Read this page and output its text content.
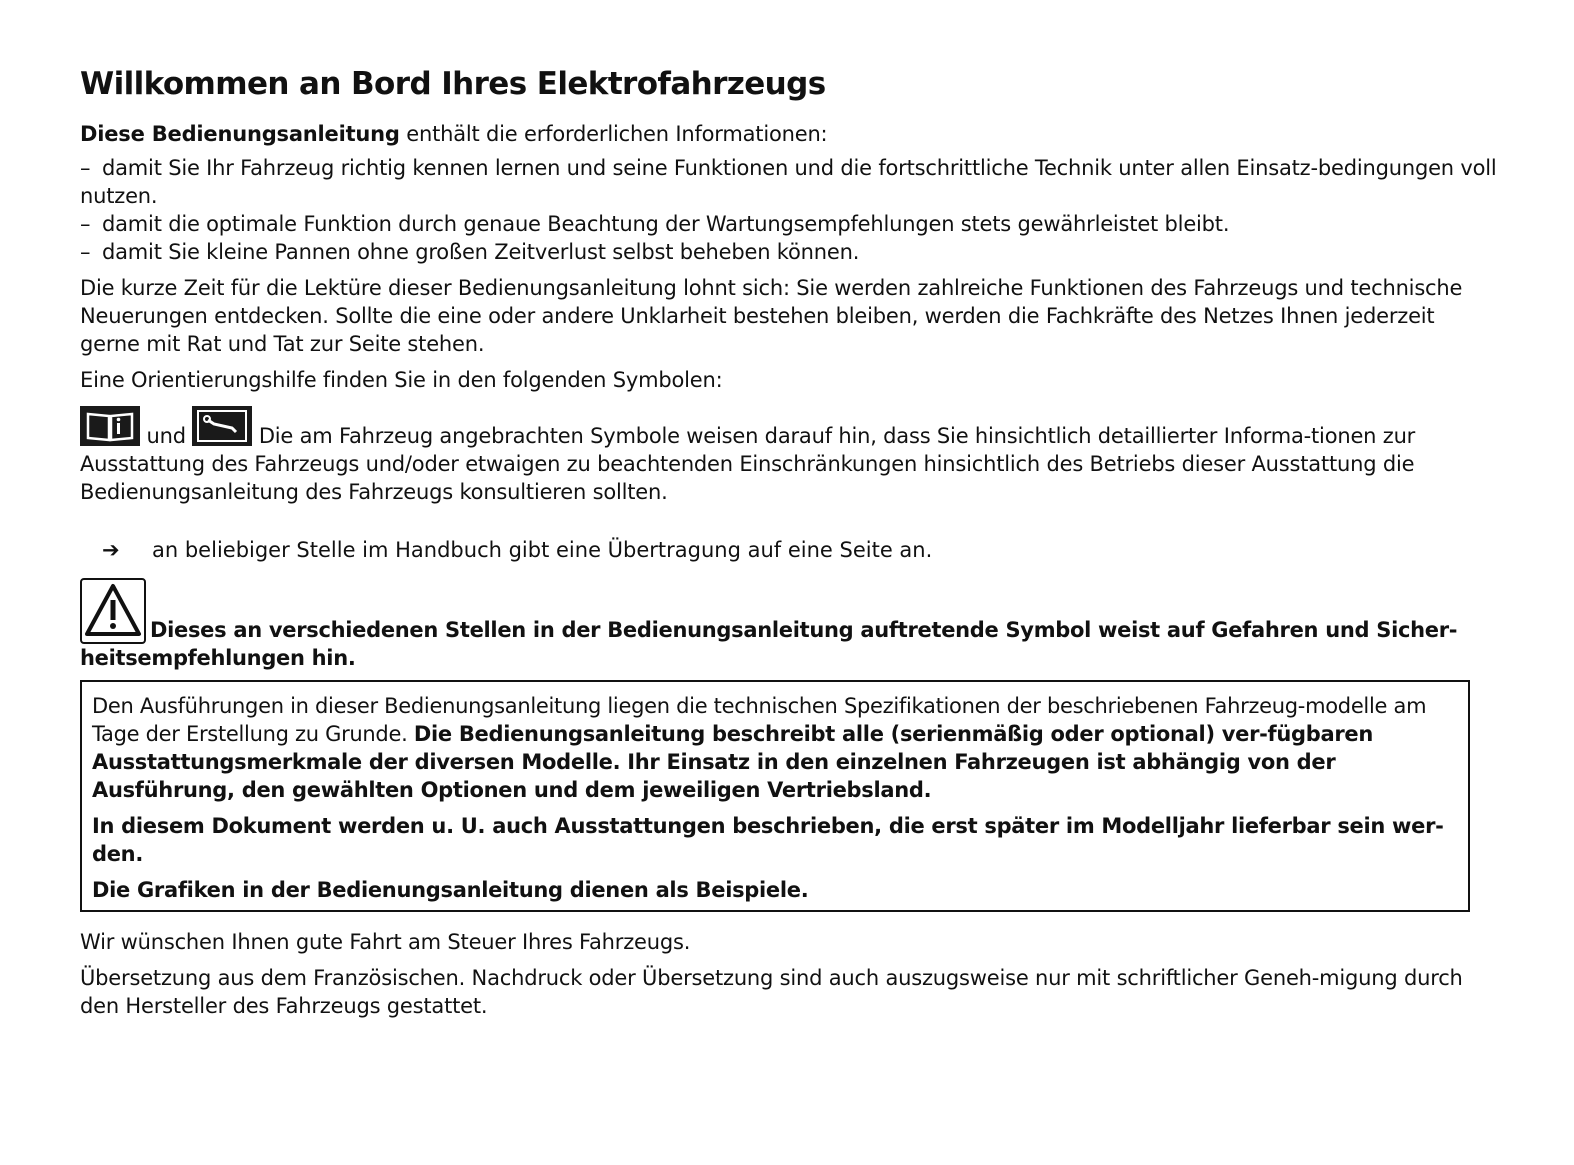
Willkommen an Bord Ihres Elektrofahrzeugs

Diese Bedienungsanleitung enthält die erforderlichen Informationen:

– damit Sie Ihr Fahrzeug richtig kennen lernen und seine Funktionen und die fortschrittliche Technik unter allen Einsatz-bedingungen voll nutzen.
– damit die optimale Funktion durch genaue Beachtung der Wartungsempfehlungen stets gewährleistet bleibt.
– damit Sie kleine Pannen ohne großen Zeitverlust selbst beheben können.

Die kurze Zeit für die Lektüre dieser Bedienungsanleitung lohnt sich: Sie werden zahlreiche Funktionen des Fahrzeugs und technische Neuerungen entdecken. Sollte die eine oder andere Unklarheit bestehen bleiben, werden die Fachkräfte des Netzes Ihnen jederzeit gerne mit Rat und Tat zur Seite stehen.

Eine Orientierungshilfe finden Sie in den folgenden Symbolen:

und	Die am Fahrzeug angebrachten Symbole weisen darauf hin, dass Sie hinsichtlich detaillierter Informa-tionen zur Ausstattung des Fahrzeugs und/oder etwaigen zu beachtenden Einschränkungen hinsichtlich des Betriebs dieser Ausstattung die Bedienungsanleitung des Fahrzeugs konsultieren sollten.
➔ an beliebiger Stelle im Handbuch gibt eine Übertragung auf eine Seite an.
Dieses an verschiedenen Stellen in der Bedienungsanleitung auftretende Symbol weist auf Gefahren und Sicher-heitsempfehlungen hin.

Den Ausführungen in dieser Bedienungsanleitung liegen die technischen Spezifikationen der beschriebenen Fahrzeug-modelle am Tage der Erstellung zu Grunde. Die Bedienungsanleitung beschreibt alle (serienmäßig oder optional) ver-fügbaren Ausstattungsmerkmale der diversen Modelle. Ihr Einsatz in den einzelnen Fahrzeugen ist abhängig von der Ausführung, den gewählten Optionen und dem jeweiligen Vertriebsland.

In diesem Dokument werden u. U. auch Ausstattungen beschrieben, die erst später im Modelljahr lieferbar sein wer-den.

Die Grafiken in der Bedienungsanleitung dienen als Beispiele.

Wir wünschen Ihnen gute Fahrt am Steuer Ihres Fahrzeugs.

Übersetzung aus dem Französischen. Nachdruck oder Übersetzung sind auch auszugsweise nur mit schriftlicher Geneh-migung durch den Hersteller des Fahrzeugs gestattet.
